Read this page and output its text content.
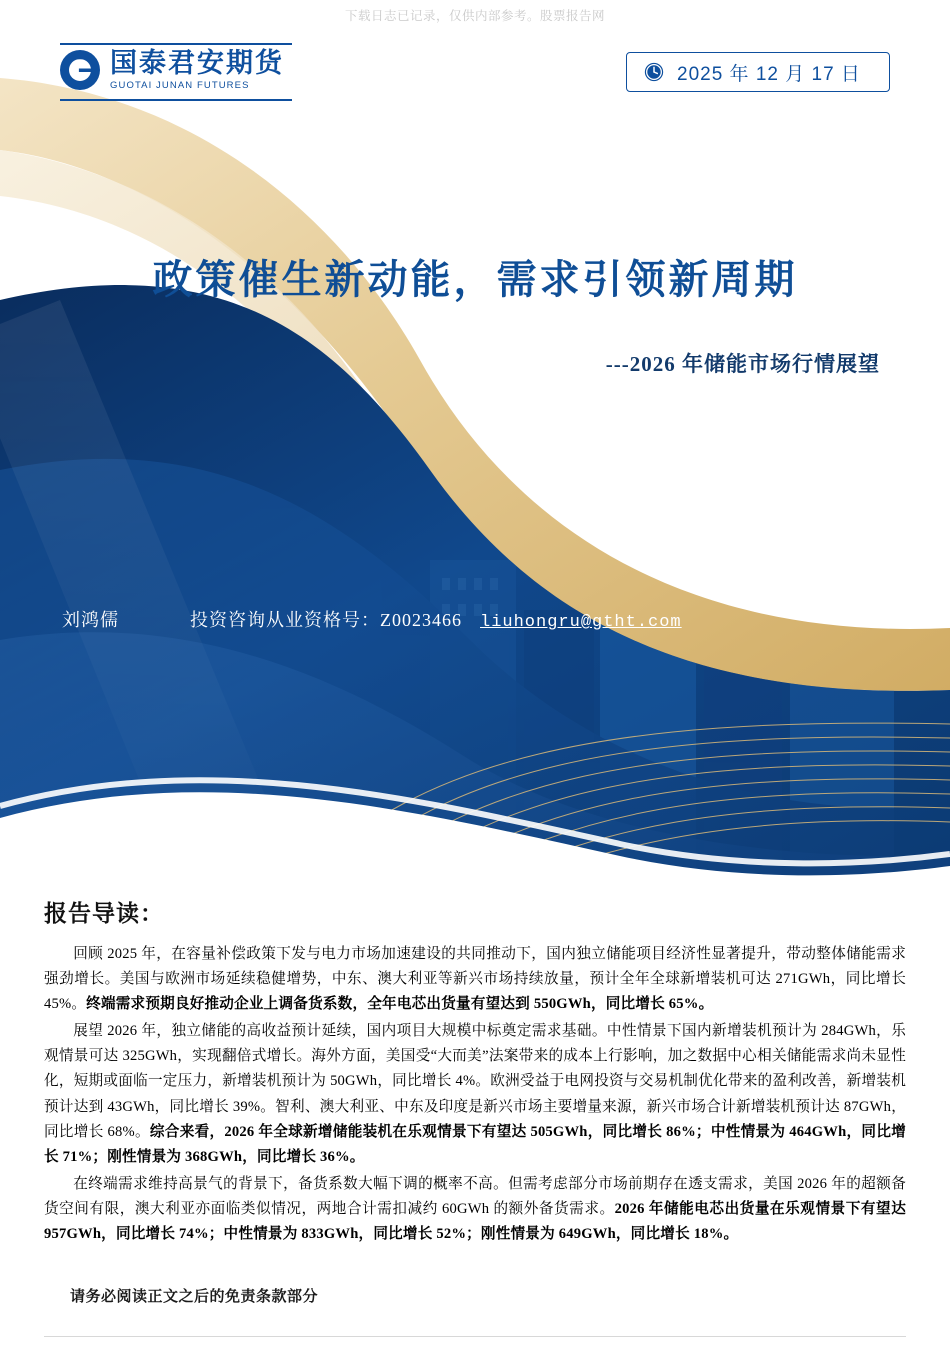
下载日志已记录，仅供内部参考。股票报告网
国泰君安期货
GUOTAI JUNAN FUTURES
2025 年 12 月 17 日
政策催生新动能，需求引领新周期
---2026 年储能市场行情展望
刘鸿儒	投资咨询从业资格号：Z0023466	liuhongru@gtht.com
报告导读：

回顾 2025 年，在容量补偿政策下发与电力市场加速建设的共同推动下，国内独立储能项目经济性显著提升，带动整体储能需求强劲增长。美国与欧洲市场延续稳健增势，中东、澳大利亚等新兴市场持续放量，预计全年全球新增装机可达 271GWh，同比增长 45%。终端需求预期良好推动企业上调备货系数，全年电芯出货量有望达到 550GWh，同比增长 65%。

展望 2026 年，独立储能的高收益预计延续，国内项目大规模中标奠定需求基础。中性情景下国内新增装机预计为 284GWh，乐观情景可达 325GWh，实现翻倍式增长。海外方面，美国受“大而美”法案带来的成本上行影响，加之数据中心相关储能需求尚未显性化，短期或面临一定压力，新增装机预计为 50GWh，同比增长 4%。欧洲受益于电网投资与交易机制优化带来的盈利改善，新增装机预计达到 43GWh，同比增长 39%。智利、澳大利亚、中东及印度是新兴市场主要增量来源，新兴市场合计新增装机预计达 87GWh，同比增长 68%。综合来看，2026 年全球新增储能装机在乐观情景下有望达 505GWh，同比增长 86%；中性情景为 464GWh，同比增长 71%；刚性情景为 368GWh，同比增长 36%。

在终端需求维持高景气的背景下，备货系数大幅下调的概率不高。但需考虑部分市场前期存在透支需求，美国 2026 年的超额备货空间有限，澳大利亚亦面临类似情况，两地合计需扣减约 60GWh 的额外备货需求。2026 年储能电芯出货量在乐观情景下有望达 957GWh，同比增长 74%；中性情景为 833GWh，同比增长 52%；刚性情景为 649GWh，同比增长 18%。

请务必阅读正文之后的免责条款部分
